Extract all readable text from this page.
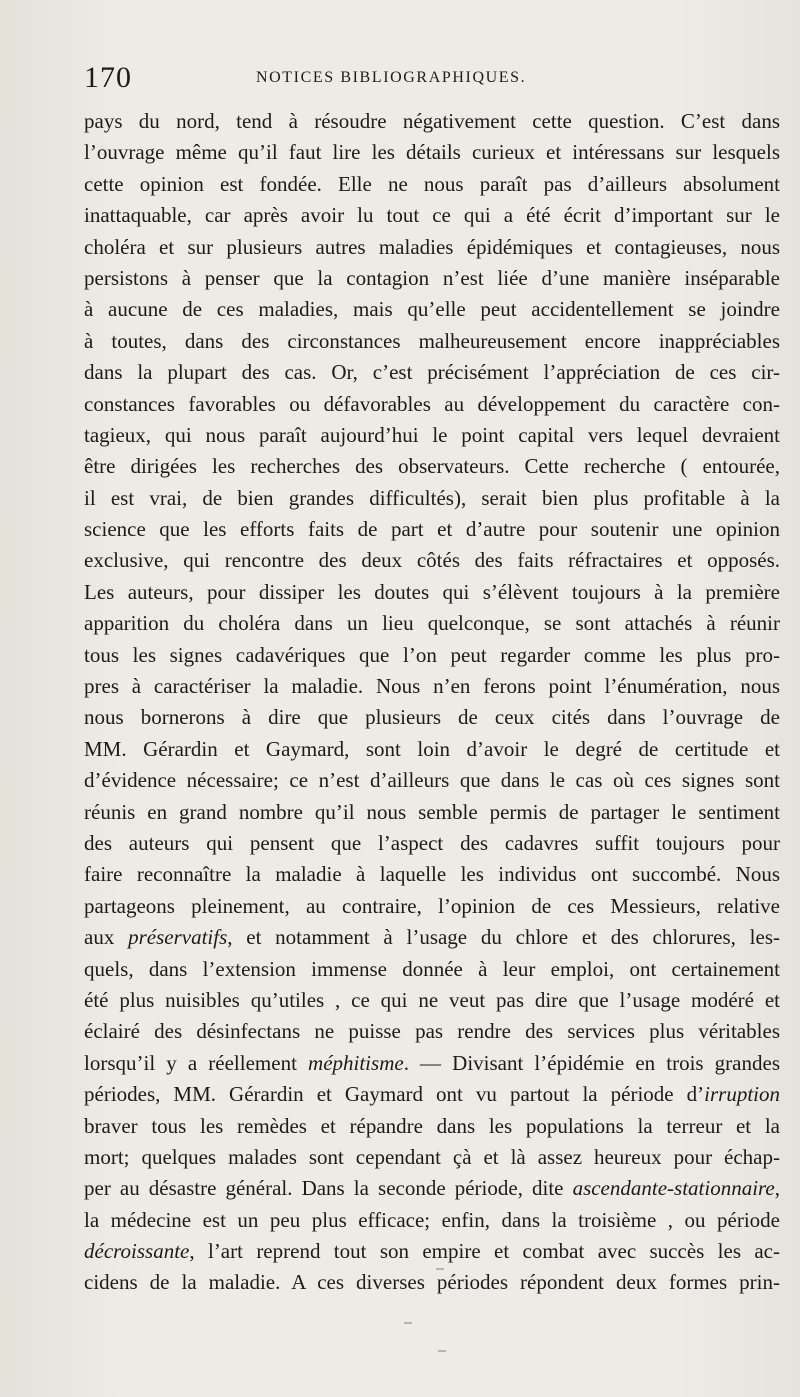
170	NOTICES BIBLIOGRAPHIQUES.
pays du nord, tend à résoudre négativement cette question. C’est dans
l’ouvrage même qu’il faut lire les détails curieux et intéressans sur lesquels
cette opinion est fondée. Elle ne nous paraît pas d’ailleurs absolument
inattaquable, car après avoir lu tout ce qui a été écrit d’important sur le
choléra et sur plusieurs autres maladies épidémiques et contagieuses, nous
persistons à penser que la contagion n’est liée d’une manière inséparable
à aucune de ces maladies, mais qu’elle peut accidentellement se joindre
à toutes, dans des circonstances malheureusement encore inappréciables
dans la plupart des cas. Or, c’est précisément l’appréciation de ces cir-
constances favorables ou défavorables au développement du caractère con-
tagieux, qui nous paraît aujourd’hui le point capital vers lequel devraient
être dirigées les recherches des observateurs. Cette recherche ( entourée,
il est vrai, de bien grandes difficultés), serait bien plus profitable à la
science que les efforts faits de part et d’autre pour soutenir une opinion
exclusive, qui rencontre des deux côtés des faits réfractaires et opposés.
Les auteurs, pour dissiper les doutes qui s’élèvent toujours à la première
apparition du choléra dans un lieu quelconque, se sont attachés à réunir
tous les signes cadavériques que l’on peut regarder comme les plus pro-
pres à caractériser la maladie. Nous n’en ferons point l’énumération, nous
nous bornerons à dire que plusieurs de ceux cités dans l’ouvrage de
MM. Gérardin et Gaymard, sont loin d’avoir le degré de certitude et
d’évidence nécessaire; ce n’est d’ailleurs que dans le cas où ces signes sont
réunis en grand nombre qu’il nous semble permis de partager le sentiment
des auteurs qui pensent que l’aspect des cadavres suffit toujours pour
faire reconnaître la maladie à laquelle les individus ont succombé. Nous
partageons pleinement, au contraire, l’opinion de ces Messieurs, relative
aux préservatifs, et notamment à l’usage du chlore et des chlorures, les-
quels, dans l’extension immense donnée à leur emploi, ont certainement
été plus nuisibles qu’utiles , ce qui ne veut pas dire que l’usage modéré et
éclairé des désinfectans ne puisse pas rendre des services plus véritables
lorsqu’il y a réellement méphitisme. — Divisant l’épidémie en trois grandes
périodes, MM. Gérardin et Gaymard ont vu partout la période d’irruption
braver tous les remèdes et répandre dans les populations la terreur et la
mort; quelques malades sont cependant çà et là assez heureux pour échap-
per au désastre général. Dans la seconde période, dite ascendante-stationnaire,
la médecine est un peu plus efficace; enfin, dans la troisième , ou période
décroissante, l’art reprend tout son empire et combat avec succès les ac-
cidens de la maladie. A ces diverses périodes répondent deux formes prin-
